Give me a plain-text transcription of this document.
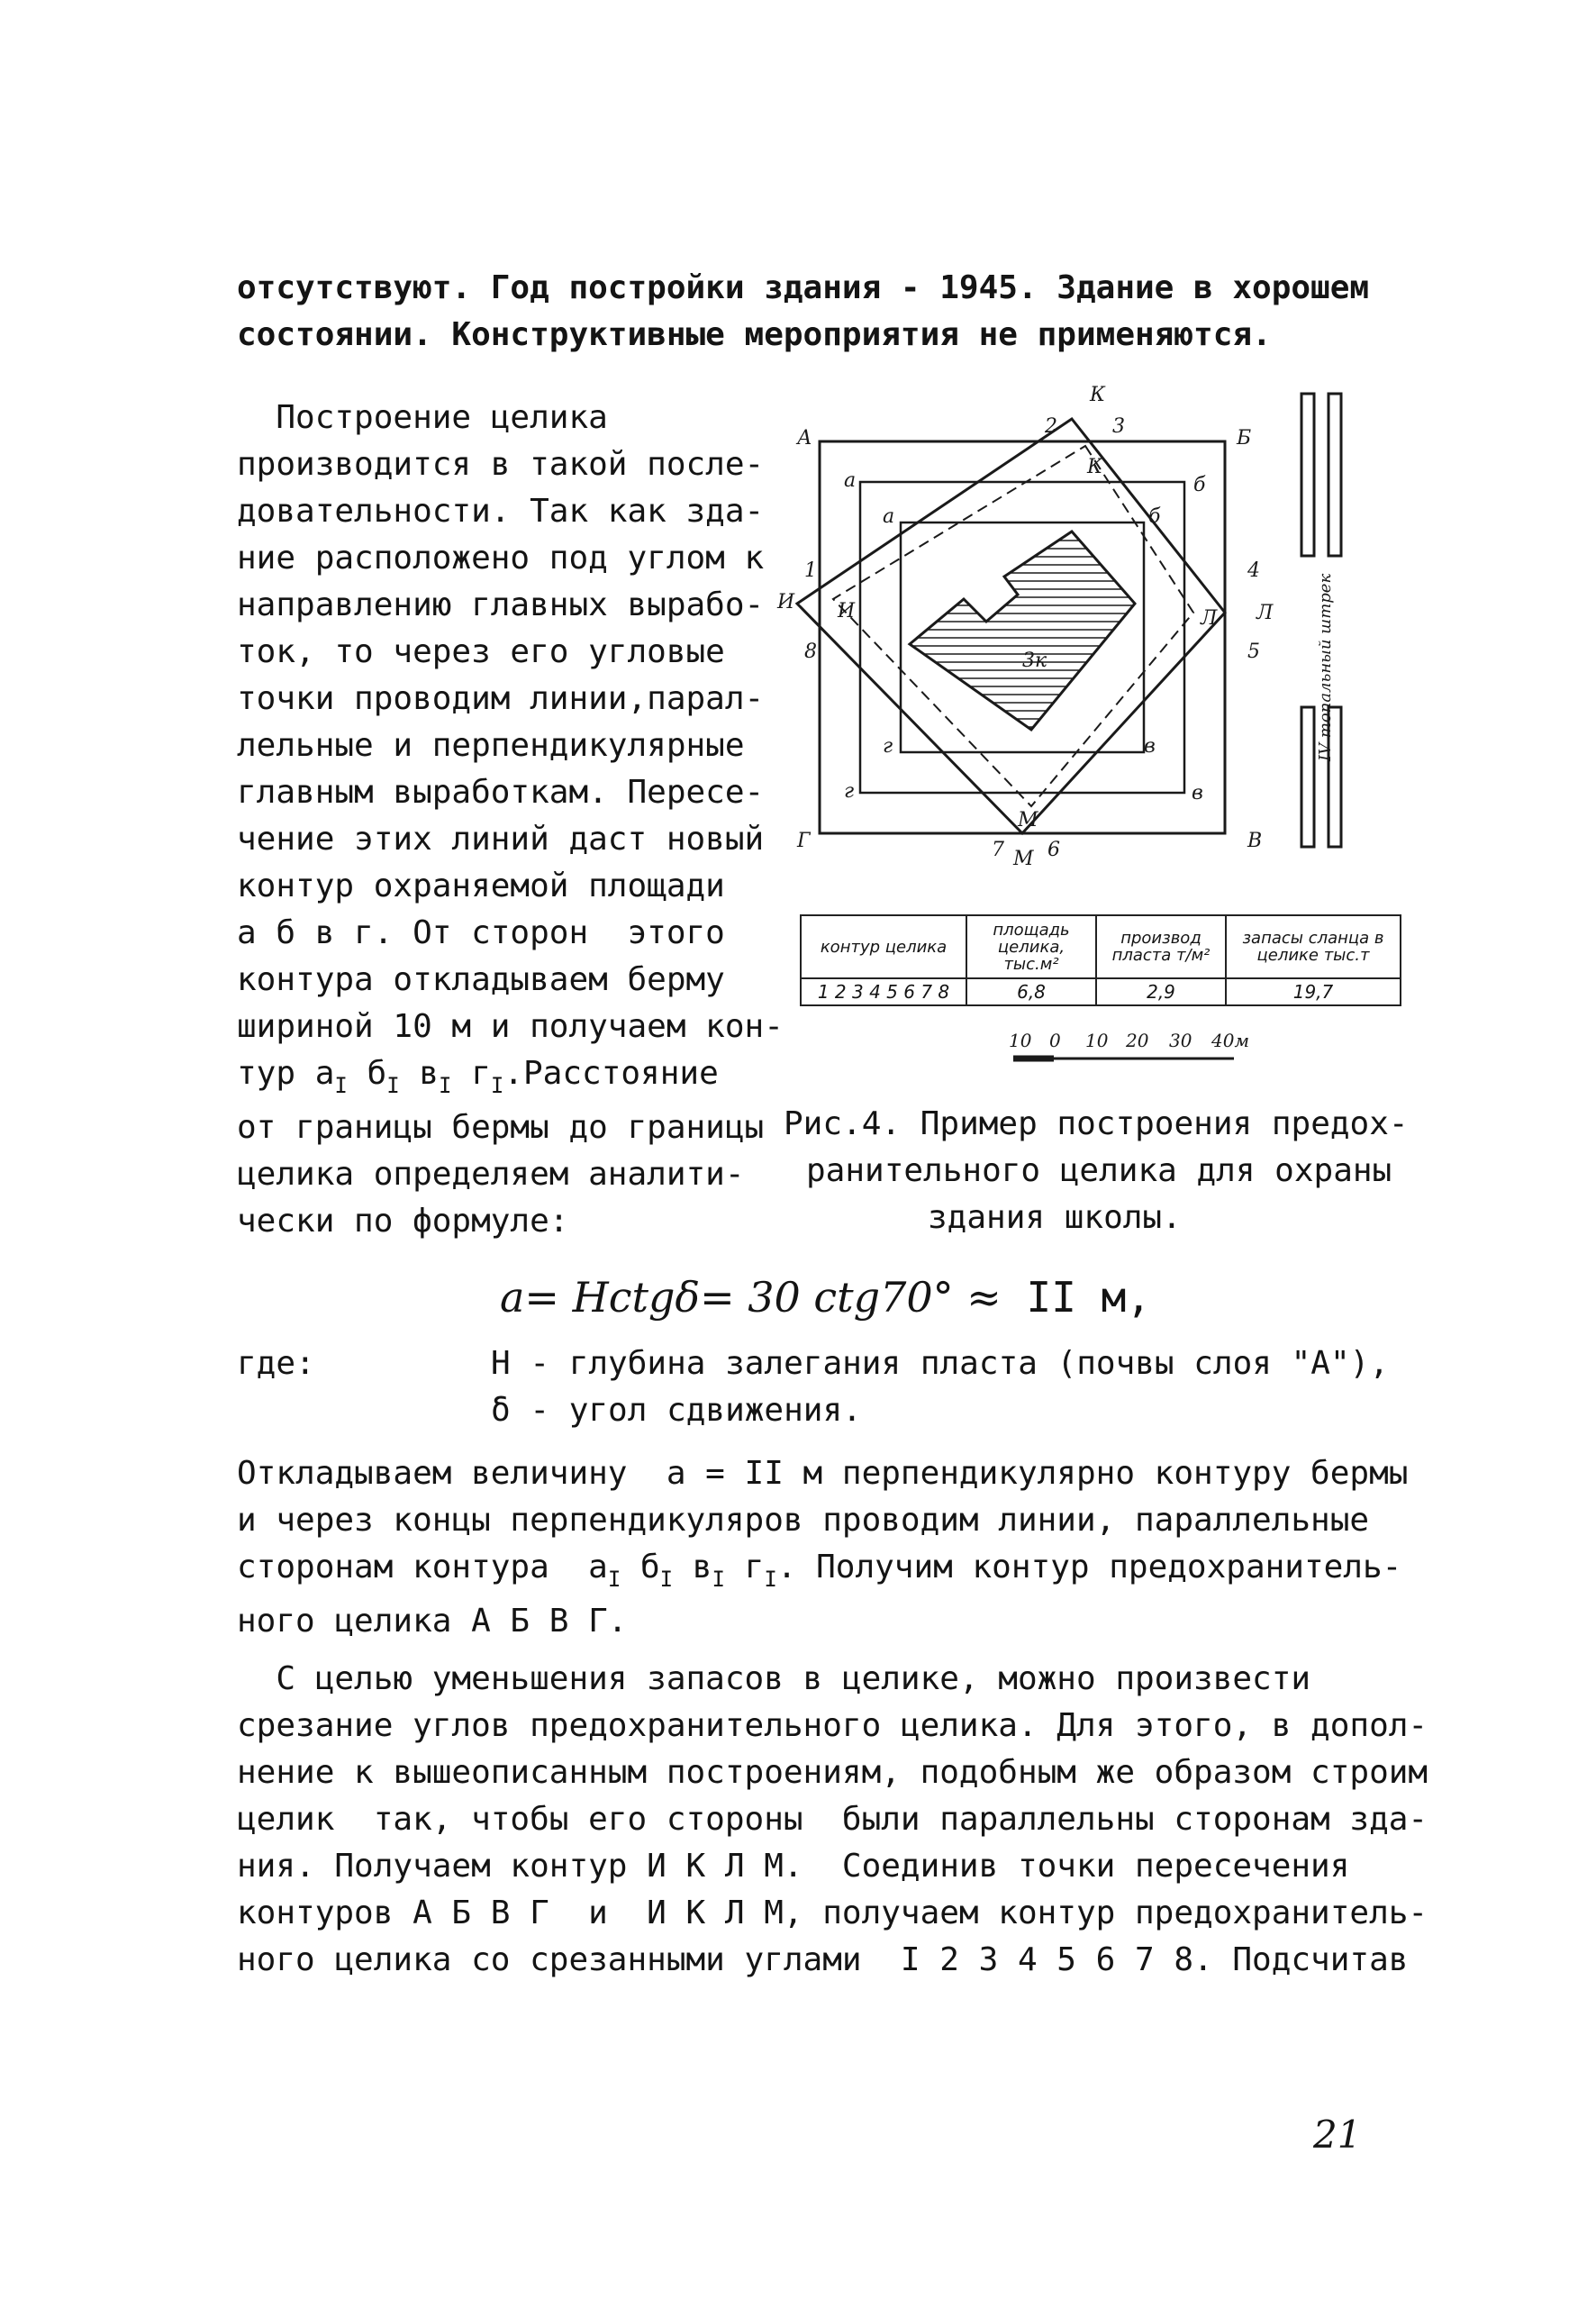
отсутствуют. Год постройки здания - 1945. Здание в хорошем
состоянии. Конструктивные мероприятия не применяются.
Построение целика
производится в такой после-
довательности. Так как зда-
ние расположено под углом к
направлению главных вырабо-
ток, то через его угловые
точки проводим линии,парал-
лельные и перпендикулярные
главным выработкам. Пересе-
чение этих линий даст новый
контур охраняемой площади
а б в г. От сторон  этого
контура откладываем берму
шириной 10 м и получаем кон-
тур $а_I$ $б_I$ $в_I$ $г_I.Расстояние$
от границы бермы до границы
целика определяем аналити-
чески по формуле:
А	Б
В
Г
а	б
в
г
а	б
в
г
И
К
Л
М
1
2	3
4
5
6
7
8
И
К
Л
М
3к	IV топальный штрек
контур целика	площадь целика, тыс.м²	производ пласта т/м²	запасы сланца в целике тыс.т
1 2 3 4 5 6 7 8	6,8	2,9	19,7
10 0 10 20 30 40м
Рис.4. Пример построения предох-
ранительного целика для охраны
здания школы.
a= Hctgδ= 30 ctg70° ≈ II м,
где:	Н - глубина залегания пласта (почвы слоя "А"),
δ - угол сдвижения.
Откладываем величину  a = II м перпендикулярно контуру бермы
и через концы перпендикуляров проводим линии, параллельные
сторонам контура  $а_I$ $б_I$ $в_I$ $г_I$. Получим контур предохранитель-
ного целика А Б В Г.
С целью уменьшения запасов в целике, можно произвести
срезание углов предохранительного целика. Для этого, в допол-
нение к вышеописанным построениям, подобным же образом строим
целик  так, чтобы его стороны  были параллельны сторонам зда-
ния. Получаем контур И К Л М.  Соединив точки пересечения
контуров А Б В Г  и  И К Л М, получаем контур предохранитель-
ного целика со срезанными углами  I 2 3 4 5 6 7 8. Подсчитав
21
